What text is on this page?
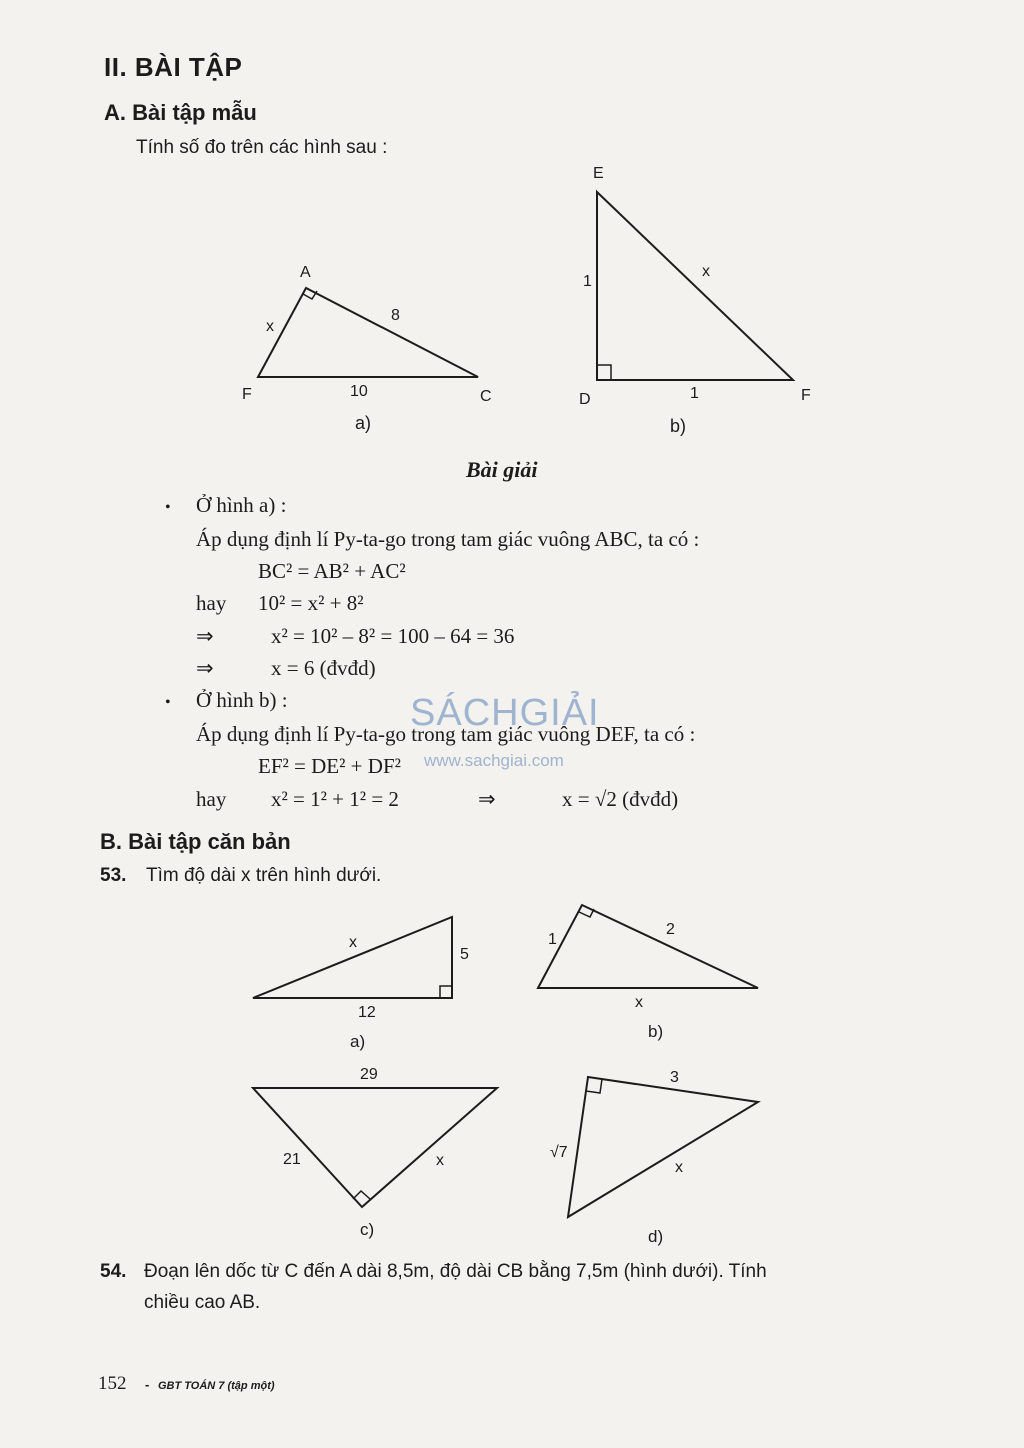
II. BÀI TẬP
A. Bài tập mẫu
Tính số đo trên các hình sau :
A
F	C
x
8
10
a)
E
D	F
1
1
x
b)
Bài giải
• Ở hình a) :
Áp dụng định lí Py-ta-go trong tam giác vuông ABC, ta có :
BC² = AB² + AC²
hay 10² = x² + 8²
⇒	x² = 10² – 8² = 100 – 64 = 36
⇒	x = 6 (đvđd)
• Ở hình b) :
Áp dụng định lí Py-ta-go trong tam giác vuông DEF, ta có :
EF² = DE² + DF²
hay x² = 1² + 1² = 2	⇒	x = √2 (đvđd)
SÁCHGIẢI
www.sachgiai.com
B. Bài tập căn bản
53. Tìm độ dài x trên hình dưới.
x
5
12
a)
1
2
x
b)
29
21	x
c)
3
√7
x
d)
54. Đoạn lên dốc từ C đến A dài 8,5m, độ dài CB bằng 7,5m (hình dưới). Tính
chiều cao AB.
152 - GBT TOÁN 7 (tập một)
